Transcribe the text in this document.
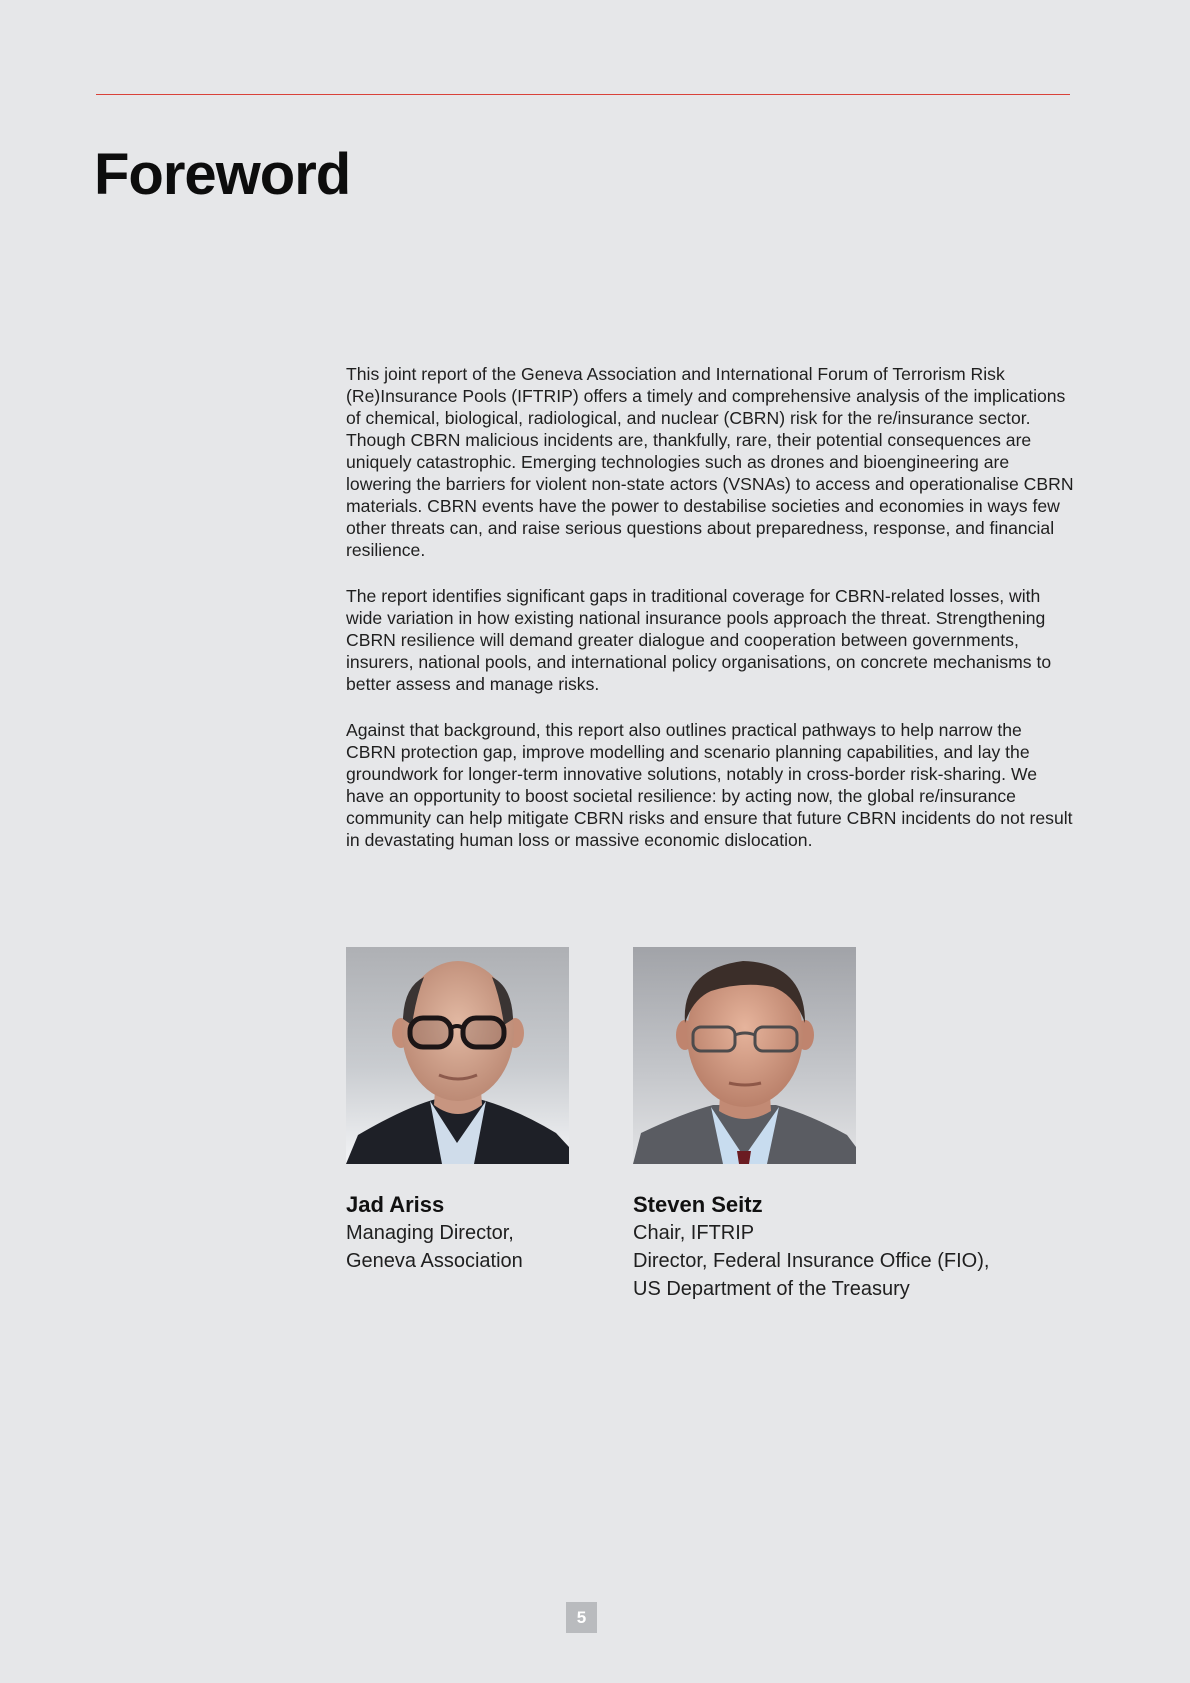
Foreword

This joint report of the Geneva Association and International Forum of Terrorism Risk (Re)Insurance Pools (IFTRIP) offers a timely and comprehensive analysis of the implications of chemical, biological, radiological, and nuclear (CBRN) risk for the re/insurance sector. Though CBRN malicious incidents are, thankfully, rare, their potential consequences are uniquely catastrophic. Emerging technologies such as drones and bioengineering are lowering the barriers for violent non-state actors (VSNAs) to access and operationalise CBRN materials. CBRN events have the power to destabilise societies and economies in ways few other threats can, and raise serious questions about preparedness, response, and financial resilience.

The report identifies significant gaps in traditional coverage for CBRN-related losses, with wide variation in how existing national insurance pools approach the threat. Strengthening CBRN resilience will demand greater dialogue and cooperation between governments, insurers, national pools, and international policy organisations, on concrete mechanisms to better assess and manage risks.

Against that background, this report also outlines practical pathways to help narrow the CBRN protection gap, improve modelling and scenario planning capabilities, and lay the groundwork for longer-term innovative solutions, notably in cross-border risk-sharing. We have an opportunity to boost societal resilience: by acting now, the global re/insurance community can help mitigate CBRN risks and ensure that future CBRN incidents do not result in devastating human loss or massive economic dislocation.

Jad Ariss
Managing Director,
Geneva Association
Steven Seitz
Chair, IFTRIP
Director, Federal Insurance Office (FIO),
US Department of the Treasury
5
